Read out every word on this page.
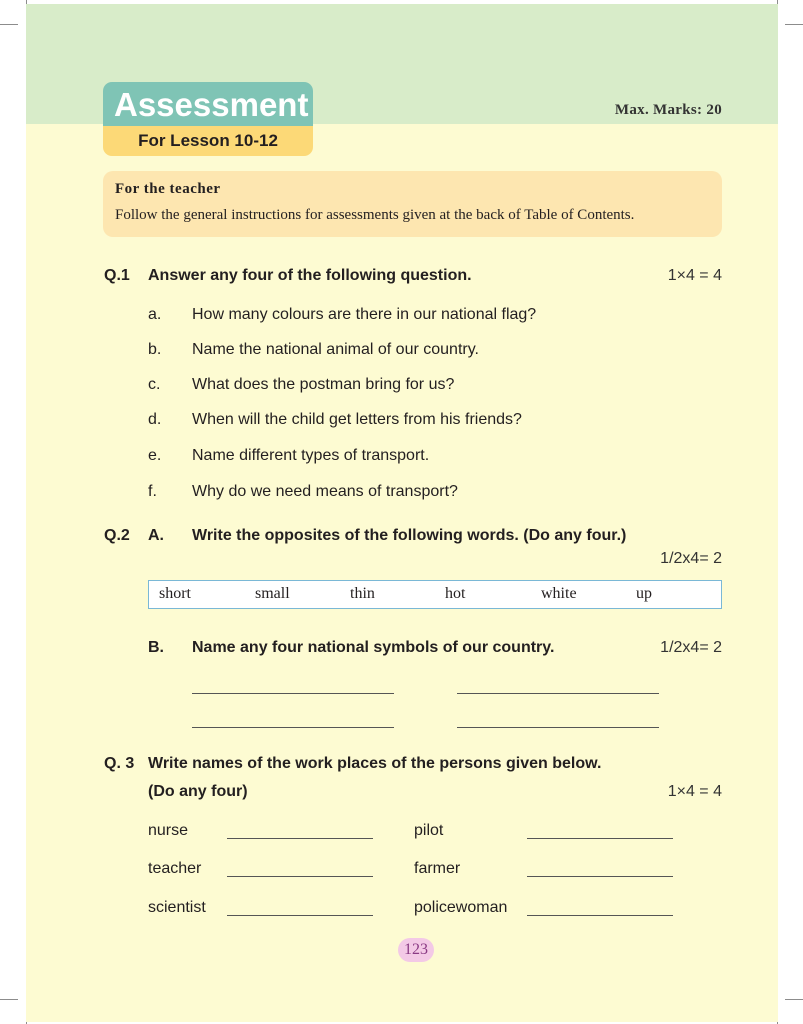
Assessment
For Lesson 10-12
Max. Marks: 20
For the teacher
Follow the general instructions for assessments given at the back of Table of Contents.
Q.1 Answer any four of the following question.	1×4 = 4
a. How many colours are there in our national flag?
b. Name the national animal of our country.
c. What does the postman bring for us?
d. When will the child get letters from his friends?
e. Name different types of transport.
f. Why do we need means of transport?
Q.2 A. Write the opposites of the following words. (Do any four.)
1/2x4= 2
short	small	thin	hot	white	up
B. Name any four national symbols of our country.	1/2x4= 2
Q. 3 Write names of the work places of the persons given below.
(Do any four)	1×4 = 4
nurse	pilot
teacher	farmer
scientist	policewoman
123
